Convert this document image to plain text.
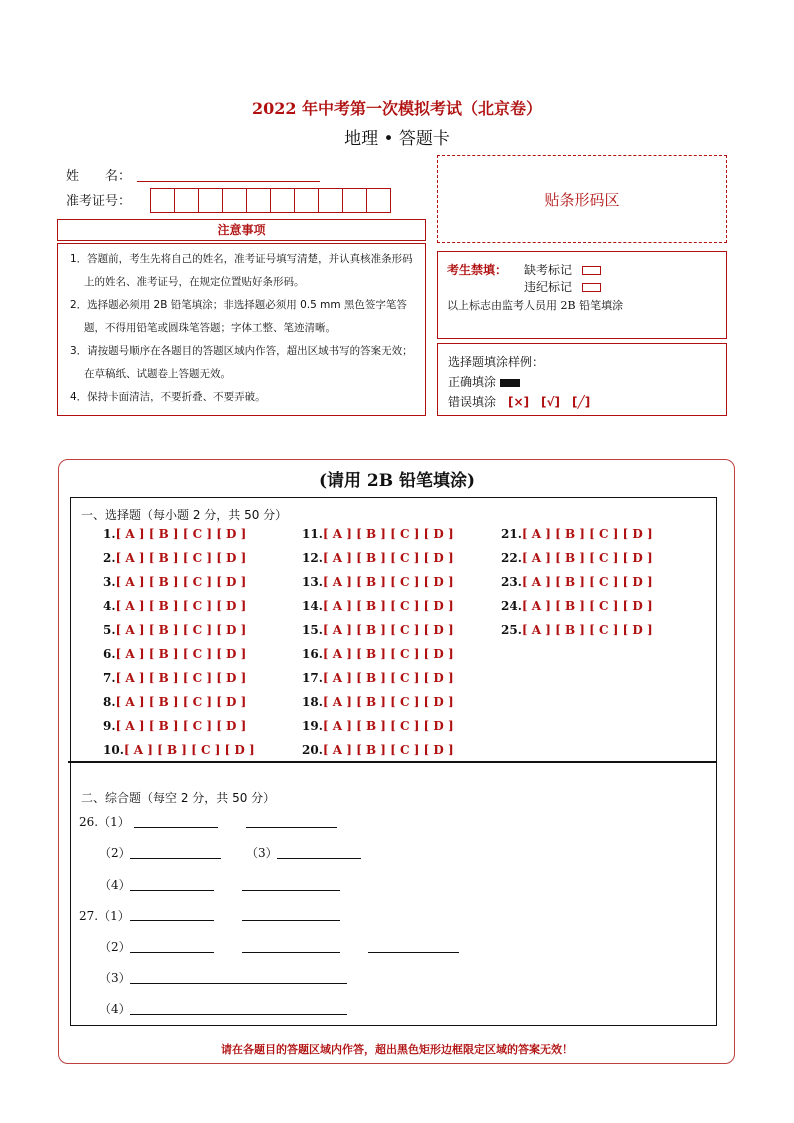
2022 年中考第一次模拟考试（北京卷）
地理 • 答题卡
姓　　名：
准考证号：	贴条形码区
注意事项
1．答题前，考生先将自己的姓名，准考证号填写清楚，并认真核准条形码上的姓名、准考证号，在规定位置贴好条形码。
2．选择题必须用 2B 铅笔填涂；非选择题必须用 0.5 mm 黑色签字笔答题，不得用铅笔或圆珠笔答题；字体工整、笔迹清晰。
3．请按题号顺序在各题目的答题区域内作答，超出区域书写的答案无效；在草稿纸、试题卷上答题无效。
4．保持卡面清洁，不要折叠、不要弄破。
考生禁填： 缺考标记
违纪标记
以上标志由监考人员用 2B 铅笔填涂
选择题填涂样例：
正确填涂
错误填涂　 [×]　[√]　[╱]
(请用 2B 铅笔填涂)
一、选择题（每小题 2 分，共 50 分）
1.[ A ] [ B ] [ C ] [ D ]
2.[ A ] [ B ] [ C ] [ D ]
3.[ A ] [ B ] [ C ] [ D ]
4.[ A ] [ B ] [ C ] [ D ]
5.[ A ] [ B ] [ C ] [ D ]
6.[ A ] [ B ] [ C ] [ D ]
7.[ A ] [ B ] [ C ] [ D ]
8.[ A ] [ B ] [ C ] [ D ]
9.[ A ] [ B ] [ C ] [ D ]
10.[ A ] [ B ] [ C ] [ D ]
11.[ A ] [ B ] [ C ] [ D ]
12.[ A ] [ B ] [ C ] [ D ]
13.[ A ] [ B ] [ C ] [ D ]
14.[ A ] [ B ] [ C ] [ D ]
15.[ A ] [ B ] [ C ] [ D ]
16.[ A ] [ B ] [ C ] [ D ]
17.[ A ] [ B ] [ C ] [ D ]
18.[ A ] [ B ] [ C ] [ D ]
19.[ A ] [ B ] [ C ] [ D ]
20.[ A ] [ B ] [ C ] [ D ]
21.[ A ] [ B ] [ C ] [ D ]
22.[ A ] [ B ] [ C ] [ D ]
23.[ A ] [ B ] [ C ] [ D ]
24.[ A ] [ B ] [ C ] [ D ]
25.[ A ] [ B ] [ C ] [ D ]
二、综合题（每空 2 分，共 50 分）
26.（1）
（2）	（3）
（4）
27.（1）
（2）
（3）
（4）
请在各题目的答题区域内作答，超出黑色矩形边框限定区域的答案无效！
